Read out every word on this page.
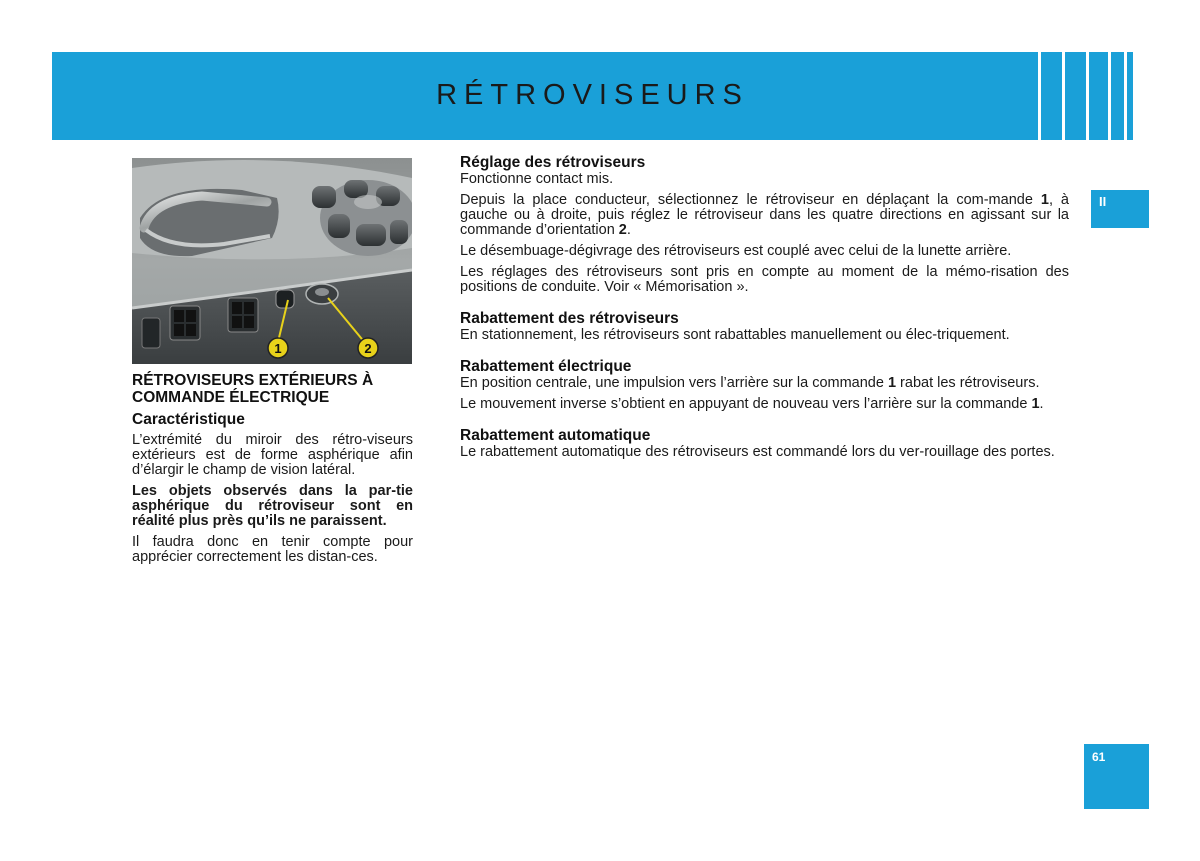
RÉTROVISEURS
II
61
1	2
RÉTROVISEURS EXTÉRIEURS À COMMANDE ÉLECTRIQUE
Caractéristique

L’extrémité du miroir des rétro-viseurs extérieurs est de forme asphérique afin d’élargir le champ de vision latéral.

Les objets observés dans la par-tie asphérique du rétroviseur sont en réalité plus près qu’ils ne paraissent.

Il faudra donc en tenir compte pour apprécier correctement les distan-ces.

Réglage des rétroviseurs

Fonctionne contact mis.

Depuis la place conducteur, sélectionnez le rétroviseur en déplaçant la com-mande 1, à gauche ou à droite, puis réglez le rétroviseur dans les quatre directions en agissant sur la commande d’orientation 2.

Le désembuage-dégivrage des rétroviseurs est couplé avec celui de la lunette arrière.

Les réglages des rétroviseurs sont pris en compte au moment de la mémo-risation des positions de conduite. Voir « Mémorisation ».

Rabattement des rétroviseurs

En stationnement, les rétroviseurs sont rabattables manuellement ou élec-triquement.

Rabattement électrique

En position centrale, une impulsion vers l’arrière sur la commande 1 rabat les rétroviseurs.

Le mouvement inverse s’obtient en appuyant de nouveau vers l’arrière sur la commande 1.

Rabattement automatique

Le rabattement automatique des rétroviseurs est commandé lors du ver-rouillage des portes.
